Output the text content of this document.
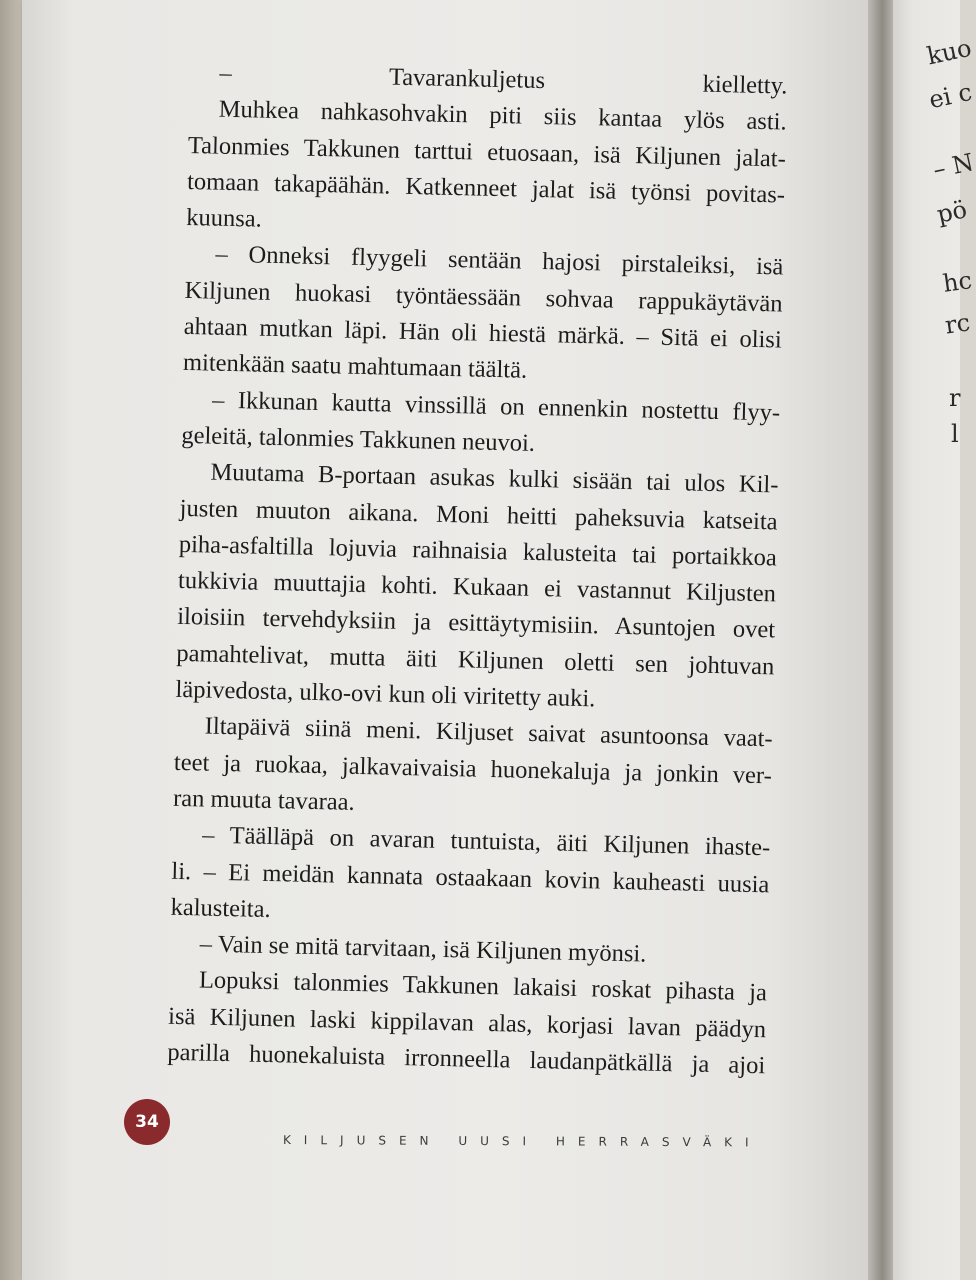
– Tavarankuljetus kielletty.
Muhkea nahkasohvakin piti siis kantaa ylös asti.
Talonmies Takkunen tarttui etuosaan, isä Kiljunen jalat-
tomaan takapäähän. Katkenneet jalat isä työnsi povitas-
kuunsa.
– Onneksi flyygeli sentään hajosi pirstaleiksi, isä
Kiljunen huokasi työntäessään sohvaa rappukäytävän
ahtaan mutkan läpi. Hän oli hiestä märkä. – Sitä ei olisi
mitenkään saatu mahtumaan täältä.
– Ikkunan kautta vinssillä on ennenkin nostettu flyy-
geleitä, talonmies Takkunen neuvoi.
Muutama B-portaan asukas kulki sisään tai ulos Kil-
justen muuton aikana. Moni heitti paheksuvia katseita
piha-asfaltilla lojuvia raihnaisia kalusteita tai portaikkoa
tukkivia muuttajia kohti. Kukaan ei vastannut Kiljusten
iloisiin tervehdyksiin ja esittäytymisiin. Asuntojen ovet
pamahtelivat, mutta äiti Kiljunen oletti sen johtuvan
läpivedosta, ulko-ovi kun oli viritetty auki.
Iltapäivä siinä meni. Kiljuset saivat asuntoonsa vaat-
teet ja ruokaa, jalkavaivaisia huonekaluja ja jonkin ver-
ran muuta tavaraa.
– Täälläpä on avaran tuntuista, äiti Kiljunen ihaste-
li. – Ei meidän kannata ostaakaan kovin kauheasti uusia
kalusteita.
– Vain se mitä tarvitaan, isä Kiljunen myönsi.
Lopuksi talonmies Takkunen lakaisi roskat pihasta ja
isä Kiljunen laski kippilavan alas, korjasi lavan päädyn
parilla huonekaluista irronneella laudanpätkällä ja ajoi
34
KILJUSEN UUSI HERRASVÄKI
kuo
ei c
– N
pö
hc
rc
r
l
